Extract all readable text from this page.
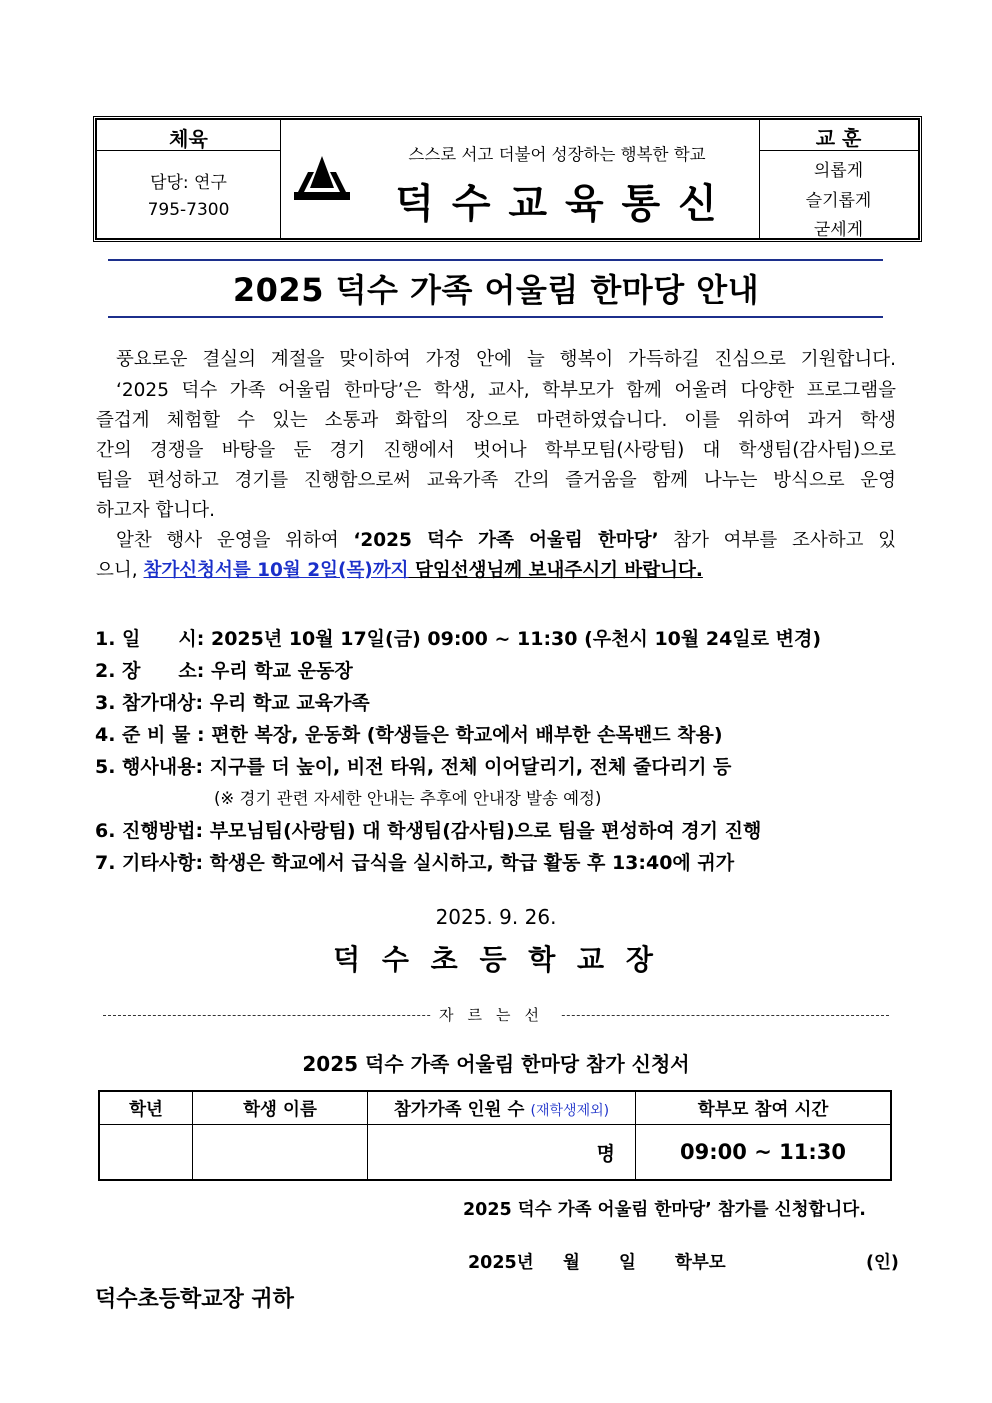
체육
담당: 연구
795-7300
스스로 서고 더불어 성장하는 행복한 학교
덕 수 교 육 통 신
교 훈
의롭게
슬기롭게
굳세게
2025 덕수 가족 어울림 한마당 안내
풍요로운 결실의 계절을 맞이하여 가정 안에 늘 행복이 가득하길 진심으로 기원합니다.
‘2025 덕수 가족 어울림 한마당’은 학생, 교사, 학부모가 함께 어울려 다양한 프로그램을
즐겁게 체험할 수 있는 소통과 화합의 장으로 마련하였습니다. 이를 위하여 과거 학생
간의 경쟁을 바탕을 둔 경기 진행에서 벗어나 학부모팀(사랑팀) 대 학생팀(감사팀)으로
팀을 편성하고 경기를 진행함으로써 교육가족 간의 즐거움을 함께 나누는 방식으로 운영
하고자 합니다.
알찬 행사 운영을 위하여 ‘2025 덕수 가족 어울림 한마당’ 참가 여부를 조사하고 있
으니, 참가신청서를 10월 2일(목)까지 담임선생님께 보내주시기 바랍니다.
1. 일　　시: 2025년 10월 17일(금) 09:00 ~ 11:30 (우천시 10월 24일로 변경)
2. 장　　소: 우리 학교 운동장
3. 참가대상: 우리 학교 교육가족
4. 준 비 물 : 편한 복장, 운동화 (학생들은 학교에서 배부한 손목밴드 착용)
5. 행사내용: 지구를 더 높이, 비전 타워, 전체 이어달리기, 전체 줄다리기 등
(※ 경기 관련 자세한 안내는 추후에 안내장 발송 예정)
6. 진행방법: 부모님팀(사랑팀) 대 학생팀(감사팀)으로 팀을 편성하여 경기 진행
7. 기타사항: 학생은 학교에서 급식을 실시하고, 학급 활동 후 13:40에 귀가
2025. 9. 26.
덕 수 초 등 학 교 장
자르는선
2025 덕수 가족 어울림 한마당 참가 신청서
학년	학생 이름	참가가족 인원 수 (재학생제외)	학부모 참여 시간
		명	09:00 ~ 11:30
2025 덕수 가족 어울림 한마당’ 참가를 신청합니다.
2025년 월 일 학부모	(인)
덕수초등학교장 귀하
